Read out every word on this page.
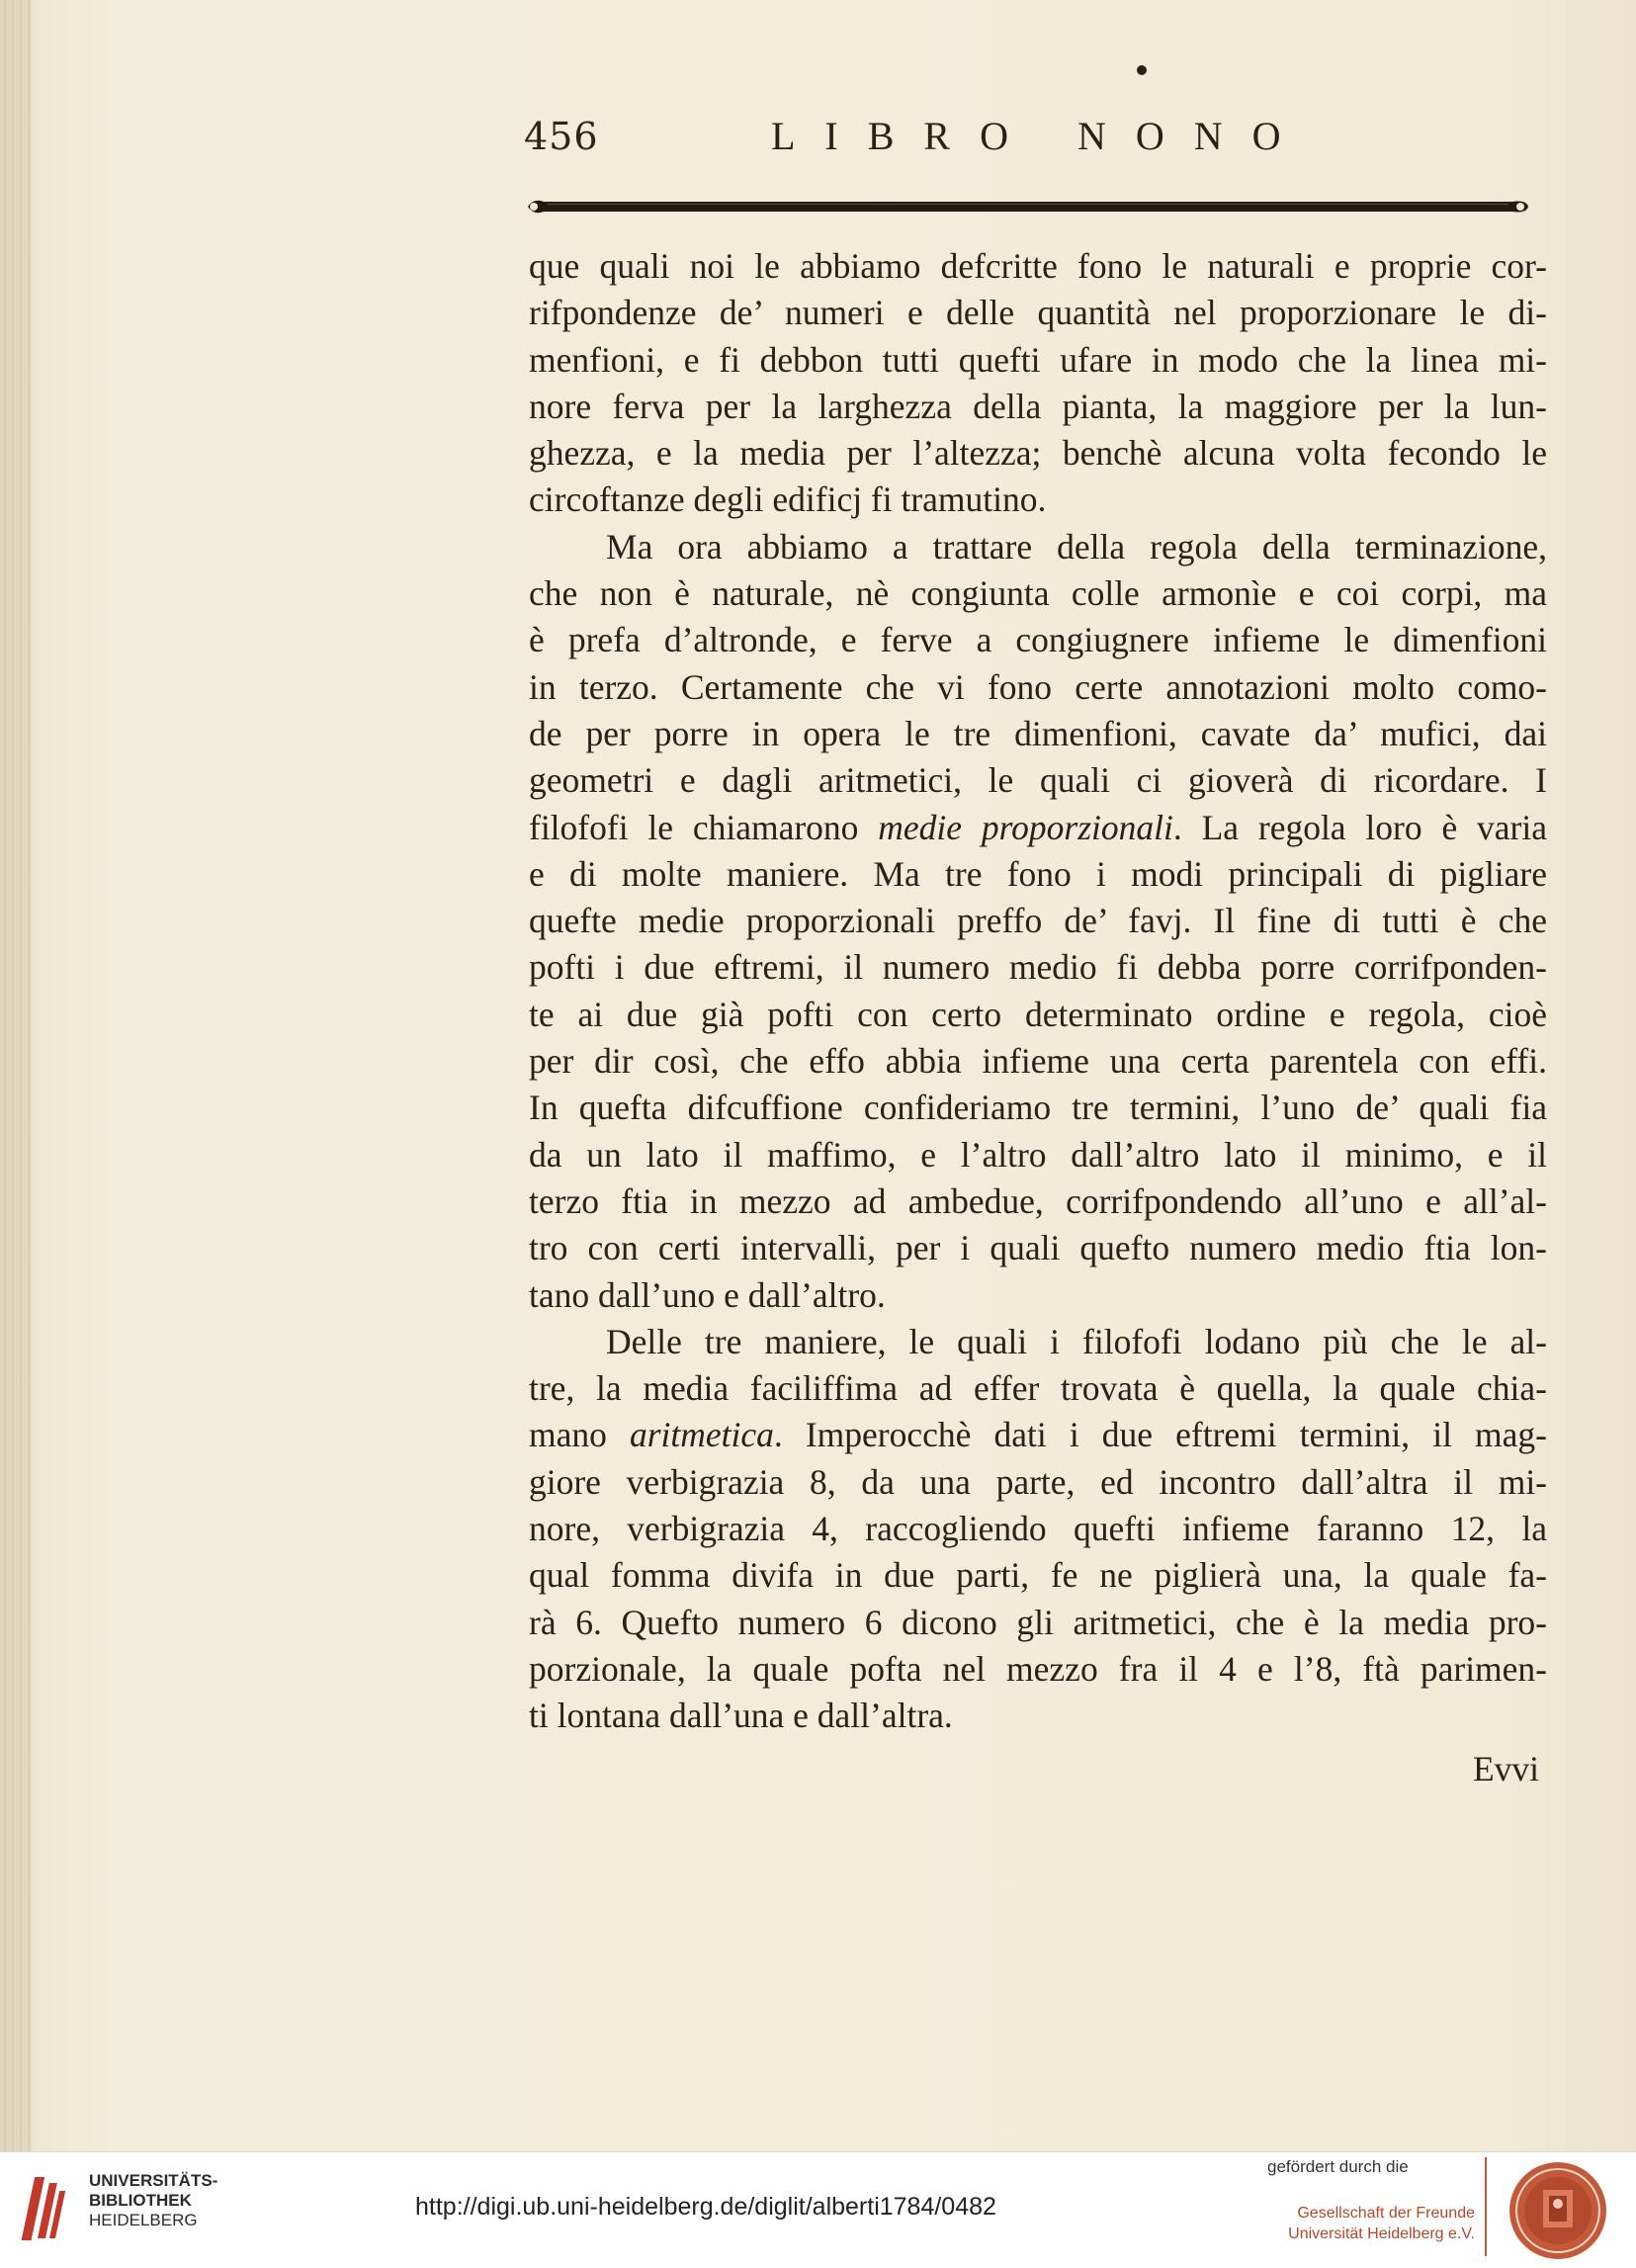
456	LIBRO NONO
que quali noi le abbiamo defcritte fono le naturali e proprie cor-
rifpondenze de’ numeri e delle quantità nel proporzionare le di-
menfioni, e fi debbon tutti quefti ufare in modo che la linea mi-
nore ferva per la larghezza della pianta, la maggiore per la lun-
ghezza, e la media per l’altezza; benchè alcuna volta fecondo le
circoftanze degli edificj fi tramutino.
Ma ora abbiamo a trattare della regola della terminazione,
che non è naturale, nè congiunta colle armonìe e coi corpi, ma
è prefa d’altronde, e ferve a congiugnere infieme le dimenfioni
in terzo. Certamente che vi fono certe annotazioni molto como-
de per porre in opera le tre dimenfioni, cavate da’ mufici, dai
geometri e dagli aritmetici, le quali ci gioverà di ricordare. I
filofofi le chiamarono medie proporzionali. La regola loro è varia
e di molte maniere. Ma tre fono i modi principali di pigliare
quefte medie proporzionali preffo de’ favj. Il fine di tutti è che
pofti i due eftremi, il numero medio fi debba porre corrifponden-
te ai due già pofti con certo determinato ordine e regola, cioè
per dir così, che effo abbia infieme una certa parentela con effi.
In quefta difcuffione confideriamo tre termini, l’uno de’ quali fia
da un lato il maffimo, e l’altro dall’altro lato il minimo, e il
terzo ftia in mezzo ad ambedue, corrifpondendo all’uno e all’al-
tro con certi intervalli, per i quali quefto numero medio ftia lon-
tano dall’uno e dall’altro.
Delle tre maniere, le quali i filofofi lodano più che le al-
tre, la media faciliffima ad effer trovata è quella, la quale chia-
mano aritmetica. Imperocchè dati i due eftremi termini, il mag-
giore verbigrazia 8, da una parte, ed incontro dall’altra il mi-
nore, verbigrazia 4, raccogliendo quefti infieme faranno 12, la
qual fomma divifa in due parti, fe ne piglierà una, la quale fa-
rà 6. Quefto numero 6 dicono gli aritmetici, che è la media pro-
porzionale, la quale pofta nel mezzo fra il 4 e l’8, ftà parimen-
ti lontana dall’una e dall’altra.
Evvi
UNIVERSITÄTS-
BIBLIOTHEK
HEIDELBERG	http://digi.ub.uni-heidelberg.de/diglit/alberti1784/0482
gefördert durch die
Gesellschaft der Freunde
Universität Heidelberg e.V.
